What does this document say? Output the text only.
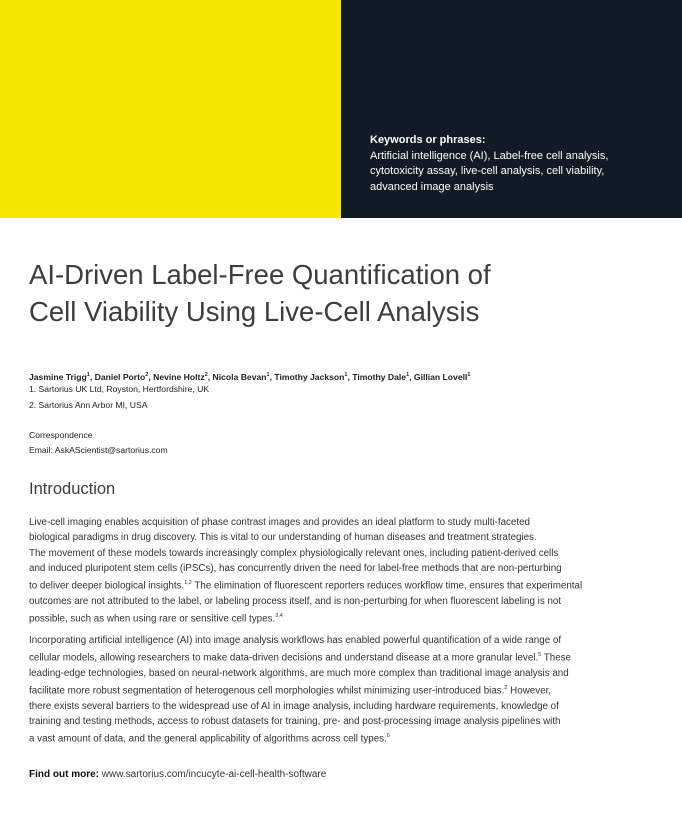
Keywords or phrases:
Artificial intelligence (AI), Label-free cell analysis,
cytotoxicity assay, live-cell analysis, cell viability,
advanced image analysis
AI-Driven Label-Free Quantification of
Cell Viability Using Live-Cell Analysis
Jasmine Trigg$^1$, Daniel Porto$^2$, Nevine Holtz$^2$, Nicola Bevan$^1$, Timothy Jackson$^1$, Timothy Dale$^1$, Gillian Lovell$^1$
1. Sartorius UK Ltd, Royston, Hertfordshire, UK
2. Sartorius Ann Arbor MI, USA
Correspondence
Email: AskAScientist@sartorius.com
Introduction

Live-cell imaging enables acquisition of phase contrast images and provides an ideal platform to study multi-faceted
biological paradigms in drug discovery. This is vital to our understanding of human diseases and treatment strategies.
The movement of these models towards increasingly complex physiologically relevant ones, including patient-derived cells
and induced pluripotent stem cells (iPSCs), has concurrently driven the need for label-free methods that are non-perturbing
to deliver deeper biological insights.$^{1,2}$ The elimination of fluorescent reporters reduces workflow time, ensures that experimental
outcomes are not attributed to the label, or labeling process itself, and is non-perturbing for when fluorescent labeling is not
possible, such as when using rare or sensitive cell types.$^{3,4}$

Incorporating artificial intelligence (AI) into image analysis workflows has enabled powerful quantification of a wide range of
cellular models, allowing researchers to make data-driven decisions and understand disease at a more granular level.$^5$ These
leading-edge technologies, based on neural-network algorithms, are much more complex than traditional image analysis and
facilitate more robust segmentation of heterogenous cell morphologies whilst minimizing user-introduced bias.$^2$ However,
there exists several barriers to the widespread use of AI in image analysis, including hardware requirements, knowledge of
training and testing methods, access to robust datasets for training, pre- and post-processing image analysis pipelines with
a vast amount of data, and the general applicability of algorithms across cell types.$^6$

Find out more: www.sartorius.com/incucyte-ai-cell-health-software
